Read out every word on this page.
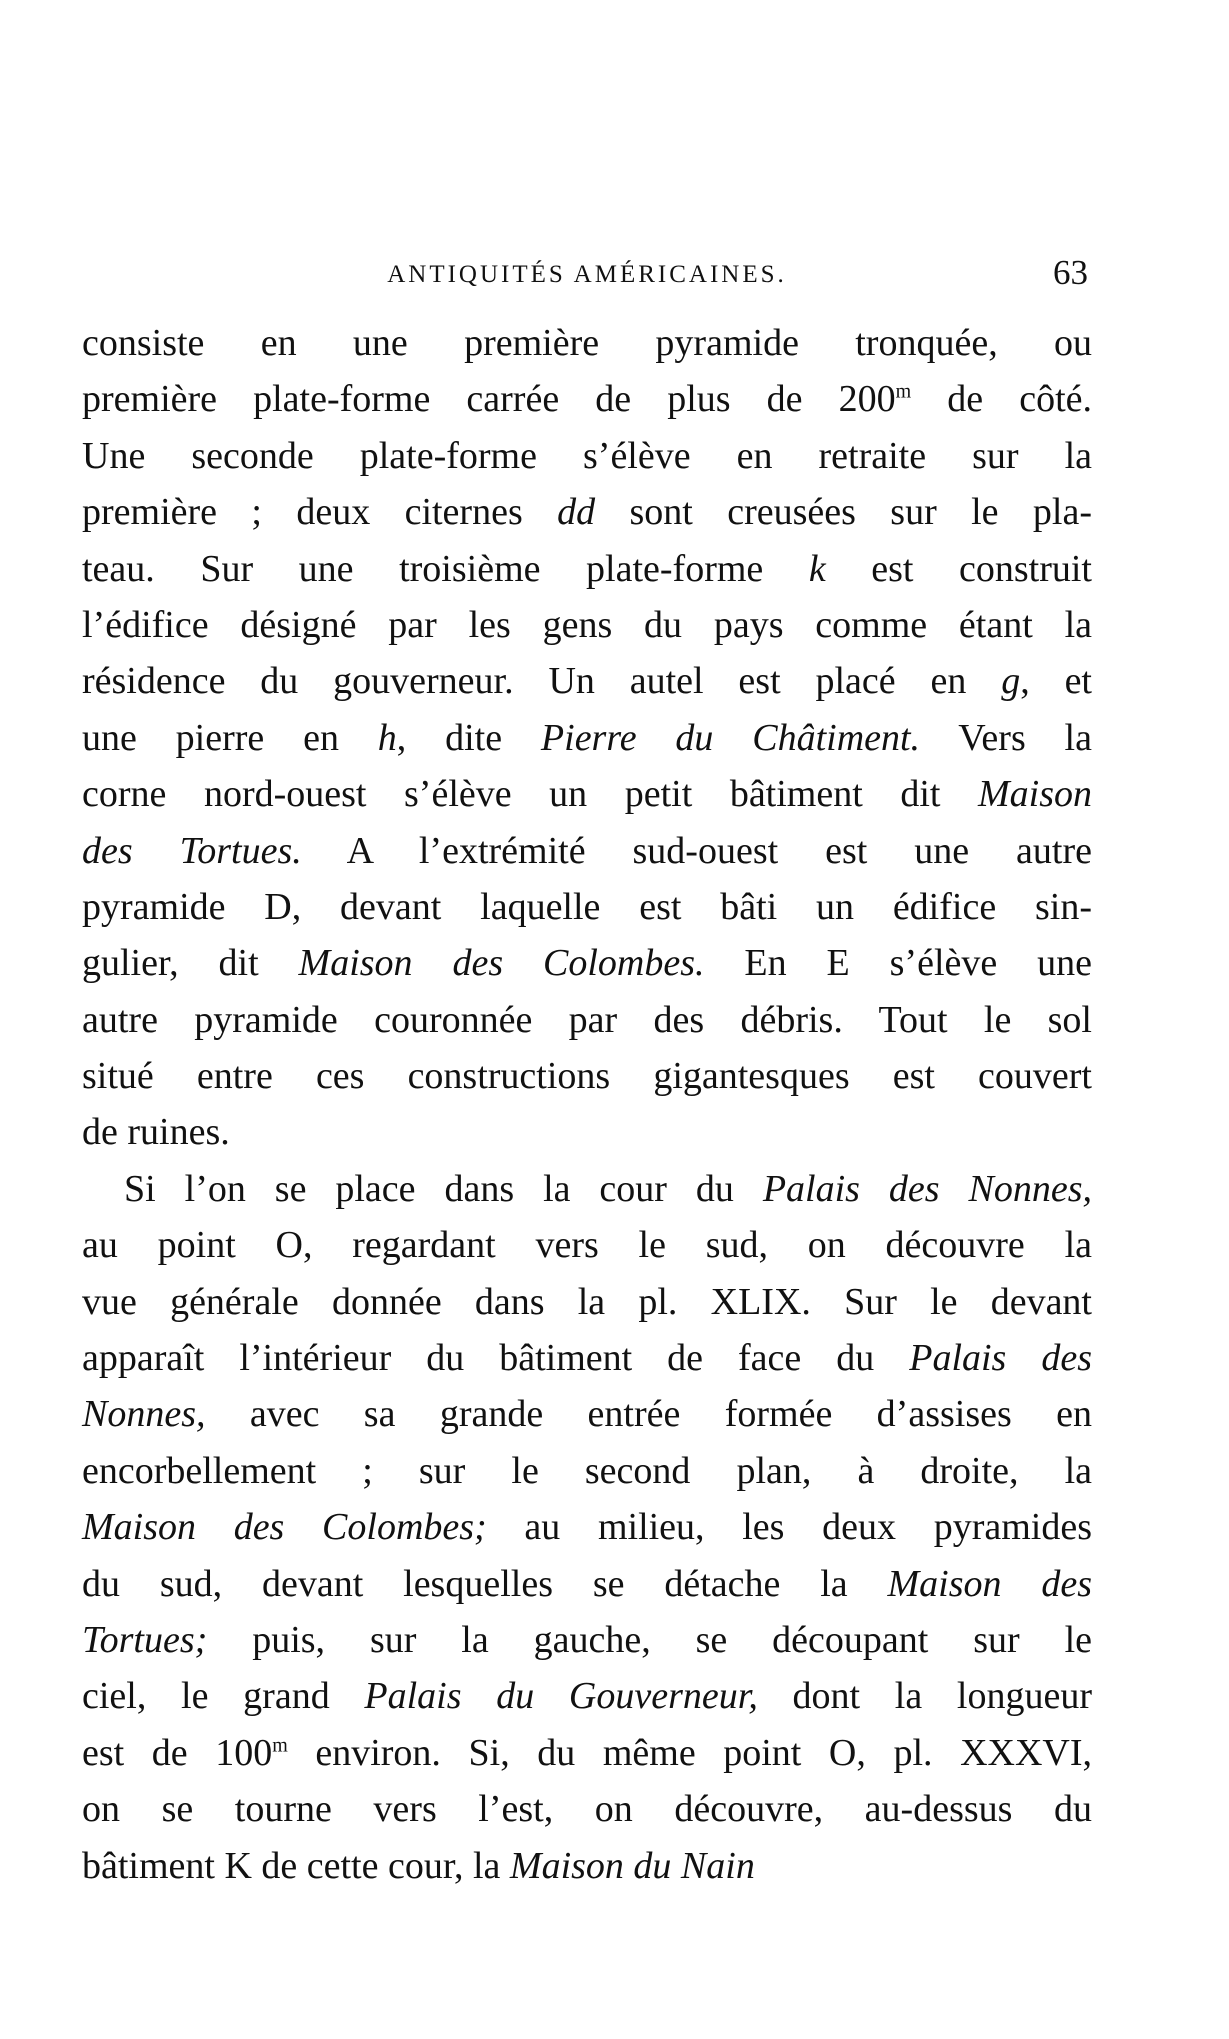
ANTIQUITÉS AMÉRICAINES.	63
consiste en une première pyramide tronquée, ou
première plate-forme carrée de plus de 200$^m$ de côté.
Une seconde plate-forme s’élève en retraite sur la
première ; deux citernes dd sont creusées sur le pla-
teau. Sur une troisième plate-forme k est construit
l’édifice désigné par les gens du pays comme étant la
résidence du gouverneur. Un autel est placé en g, et
une pierre en h, dite Pierre du Châtiment. Vers la
corne nord-ouest s’élève un petit bâtiment dit Maison
des Tortues. A l’extrémité sud-ouest est une autre
pyramide D, devant laquelle est bâti un édifice sin-
gulier, dit Maison des Colombes. En E s’élève une
autre pyramide couronnée par des débris. Tout le sol
situé entre ces constructions gigantesques est couvert
de ruines.
Si l’on se place dans la cour du Palais des Nonnes,
au point O, regardant vers le sud, on découvre la
vue générale donnée dans la pl. XLIX. Sur le devant
apparaît l’intérieur du bâtiment de face du Palais des
Nonnes, avec sa grande entrée formée d’assises en
encorbellement ; sur le second plan, à droite, la
Maison des Colombes; au milieu, les deux pyramides
du sud, devant lesquelles se détache la Maison des
Tortues; puis, sur la gauche, se découpant sur le
ciel, le grand Palais du Gouverneur, dont la longueur
est de 100$^m$ environ. Si, du même point O, pl. XXXVI,
on se tourne vers l’est, on découvre, au-dessus du
bâtiment K de cette cour, la Maison du Nain
